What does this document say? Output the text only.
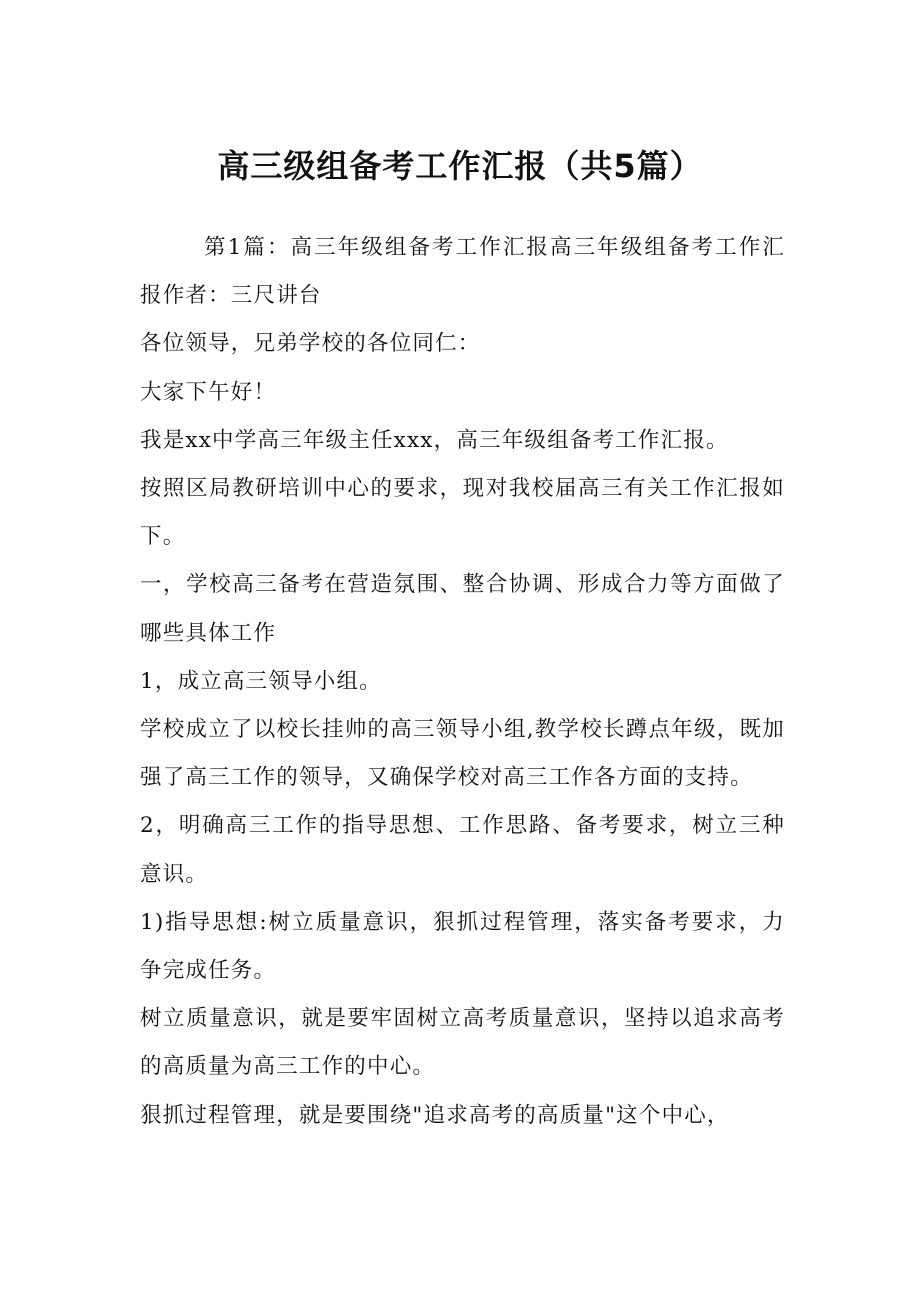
高三级组备考工作汇报（共5篇）

第1篇：高三年级组备考工作汇报高三年级组备考工作汇报作者：三尺讲台

各位领导，兄弟学校的各位同仁：

大家下午好！

我是xx中学高三年级主任xxx，高三年级组备考工作汇报。

按照区局教研培训中心的要求，现对我校届高三有关工作汇报如下。

一，学校高三备考在营造氛围、整合协调、形成合力等方面做了哪些具体工作

1，成立高三领导小组。

学校成立了以校长挂帅的高三领导小组,教学校长蹲点年级，既加强了高三工作的领导，又确保学校对高三工作各方面的支持。

2，明确高三工作的指导思想、工作思路、备考要求，树立三种意识。

1)指导思想:树立质量意识，狠抓过程管理，落实备考要求，力争完成任务。

树立质量意识，就是要牢固树立高考质量意识，坚持以追求高考的高质量为高三工作的中心。

狠抓过程管理，就是要围绕"追求高考的高质量"这个中心，
